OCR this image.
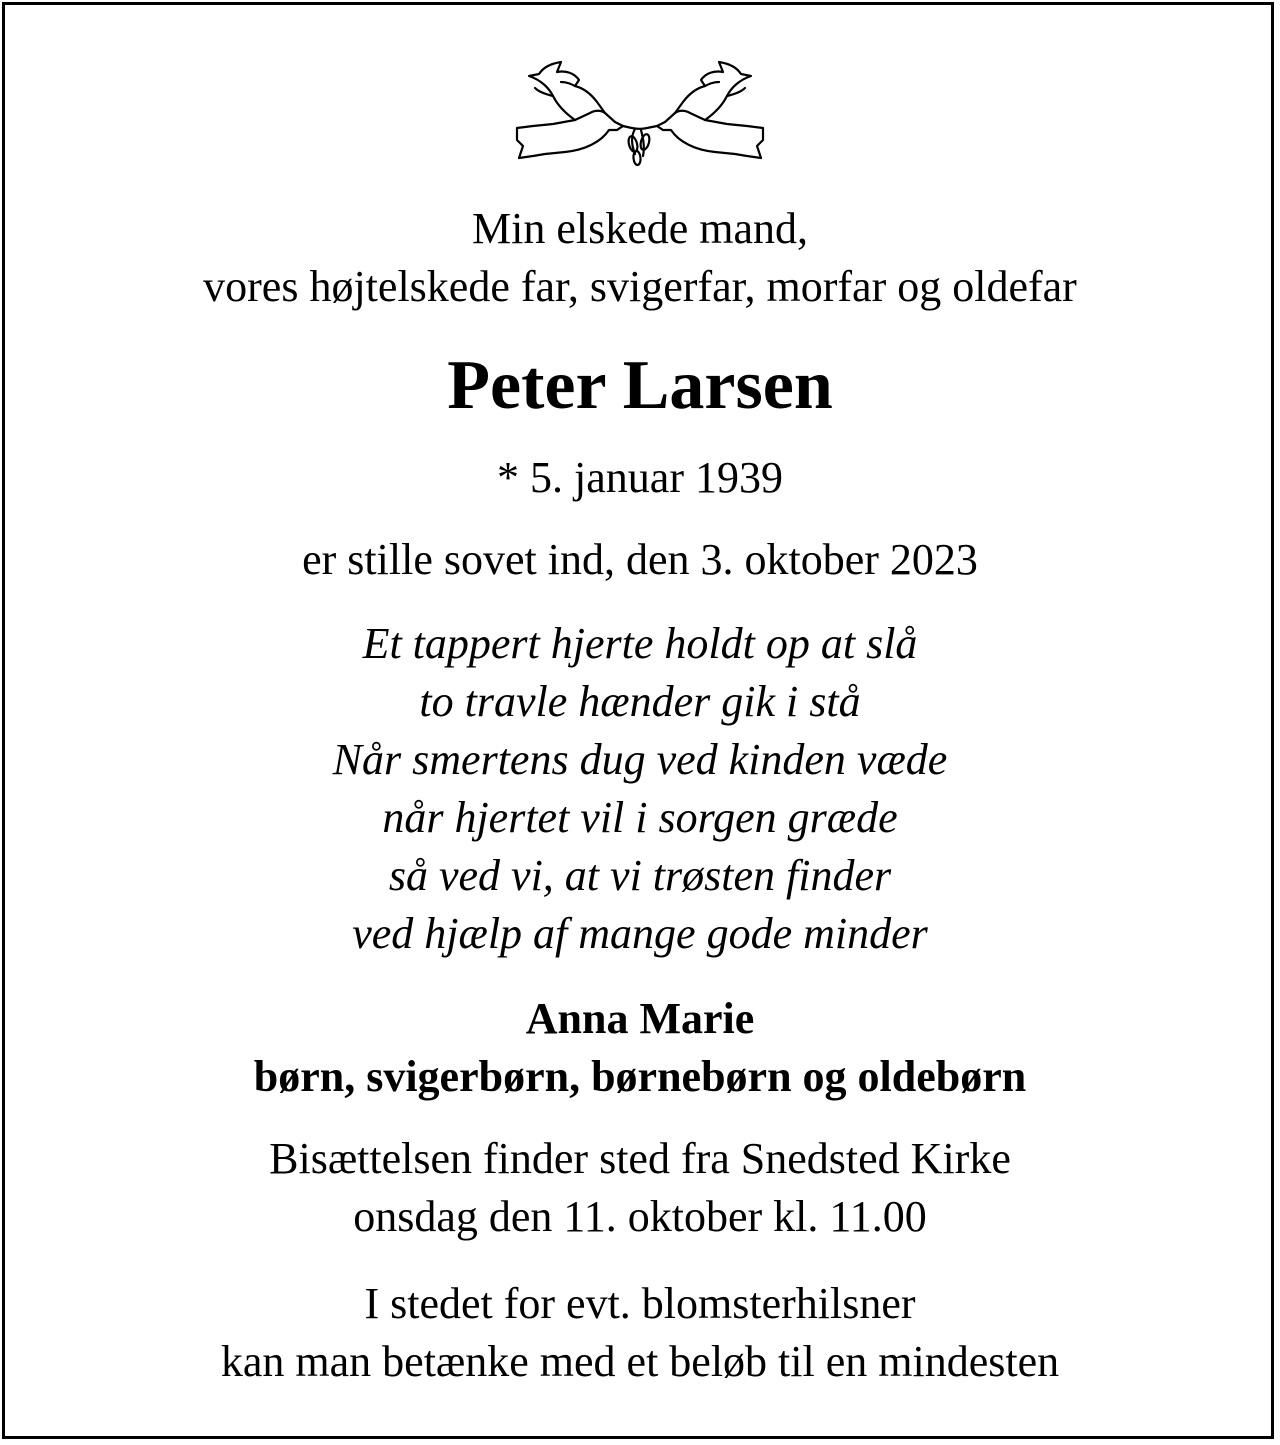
Min elskede mand,
vores højtelskede far, svigerfar, morfar og oldefar
Peter Larsen
* 5. januar 1939
er stille sovet ind, den 3. oktober 2023
Et tappert hjerte holdt op at slå
to travle hænder gik i stå
Når smertens dug ved kinden væde
når hjertet vil i sorgen græde
så ved vi, at vi trøsten finder
ved hjælp af mange gode minder
Anna Marie
børn, svigerbørn, børnebørn og oldebørn
Bisættelsen finder sted fra Snedsted Kirke
onsdag den 11. oktober kl. 11.00
I stedet for evt. blomsterhilsner
kan man betænke med et beløb til en mindesten
